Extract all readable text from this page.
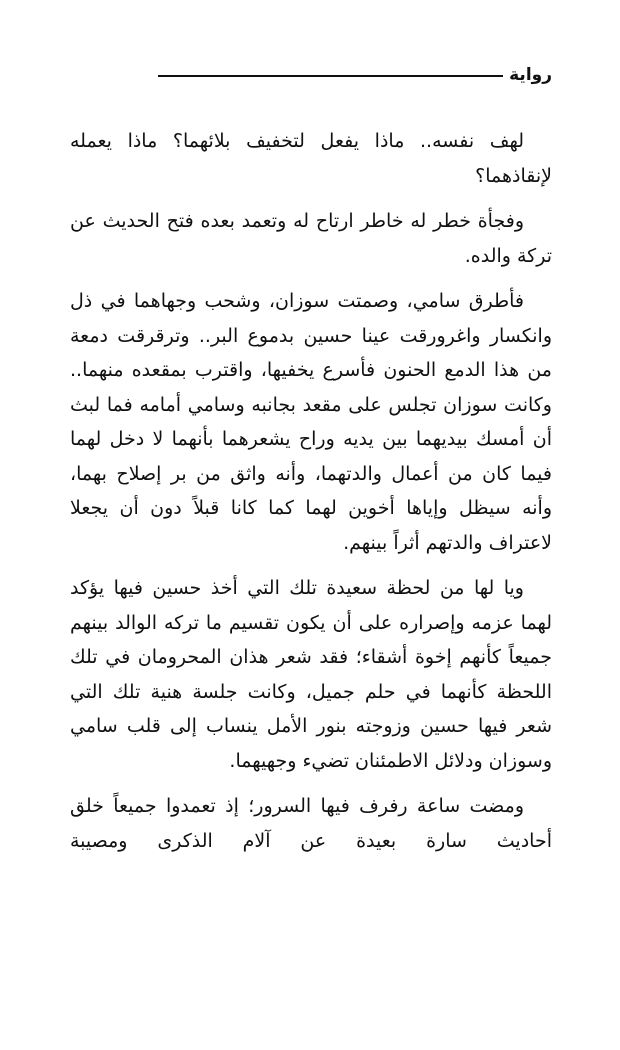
رواية

لهف نفسه.. ماذا يفعل لتخفيف بلائهما؟ ماذا يعمله لإنقاذهما؟

وفجأة خطر له خاطر ارتاح له وتعمد بعده فتح الحديث عن تركة والده.

فأطرق سامي، وصمتت سوزان، وشحب وجهاهما في ذل وانكسار واغرورقت عينا حسين بدموع البر.. وترقرقت دمعة من هذا الدمع الحنون فأسرع يخفيها، واقترب بمقعده منهما.. وكانت سوزان تجلس على مقعد بجانبه وسامي أمامه فما لبث أن أمسك بيديهما بين يديه وراح يشعرهما بأنهما لا دخل لهما فيما كان من أعمال والدتهما، وأنه واثق من بر إصلاح بهما، وأنه سيظل وإياها أخوين لهما كما كانا قبلاً دون أن يجعلا لاعتراف والدتهم أثراً بينهم.

ويا لها من لحظة سعيدة تلك التي أخذ حسين فيها يؤكد لهما عزمه وإصراره على أن يكون تقسيم ما تركه الوالد بينهم جميعاً كأنهم إخوة أشقاء؛ فقد شعر هذان المحرومان في تلك اللحظة كأنهما في حلم جميل، وكانت جلسة هنية تلك التي شعر فيها حسين وزوجته بنور الأمل ينساب إلى قلب سامي وسوزان ودلائل الاطمئنان تضيء وجهيهما.

ومضت ساعة رفرف فيها السرور؛ إذ تعمدوا جميعاً خلق أحاديث سارة بعيدة عن آلام الذكرى ومصيبة
